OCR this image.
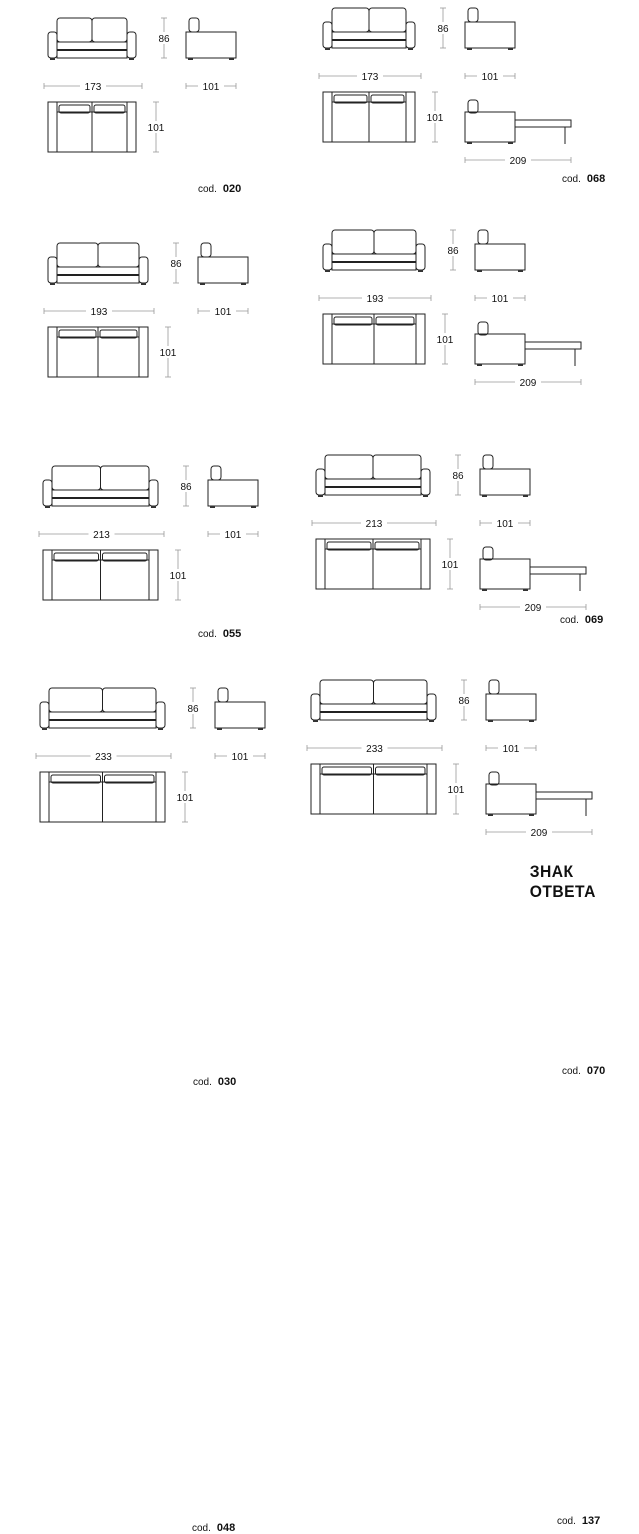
86
173	101
101
cod. 020
86
193	101
101
cod. 055
86
213	101
101
cod. 030
86
233	101
101
cod. 048
86
173	101
101
209
cod. 068
86
193	101
101
209
cod. 069
86
213	101
101
209
cod. 070
86
233	101
101
209
cod. 137
ЗНАК ОТВЕТА
